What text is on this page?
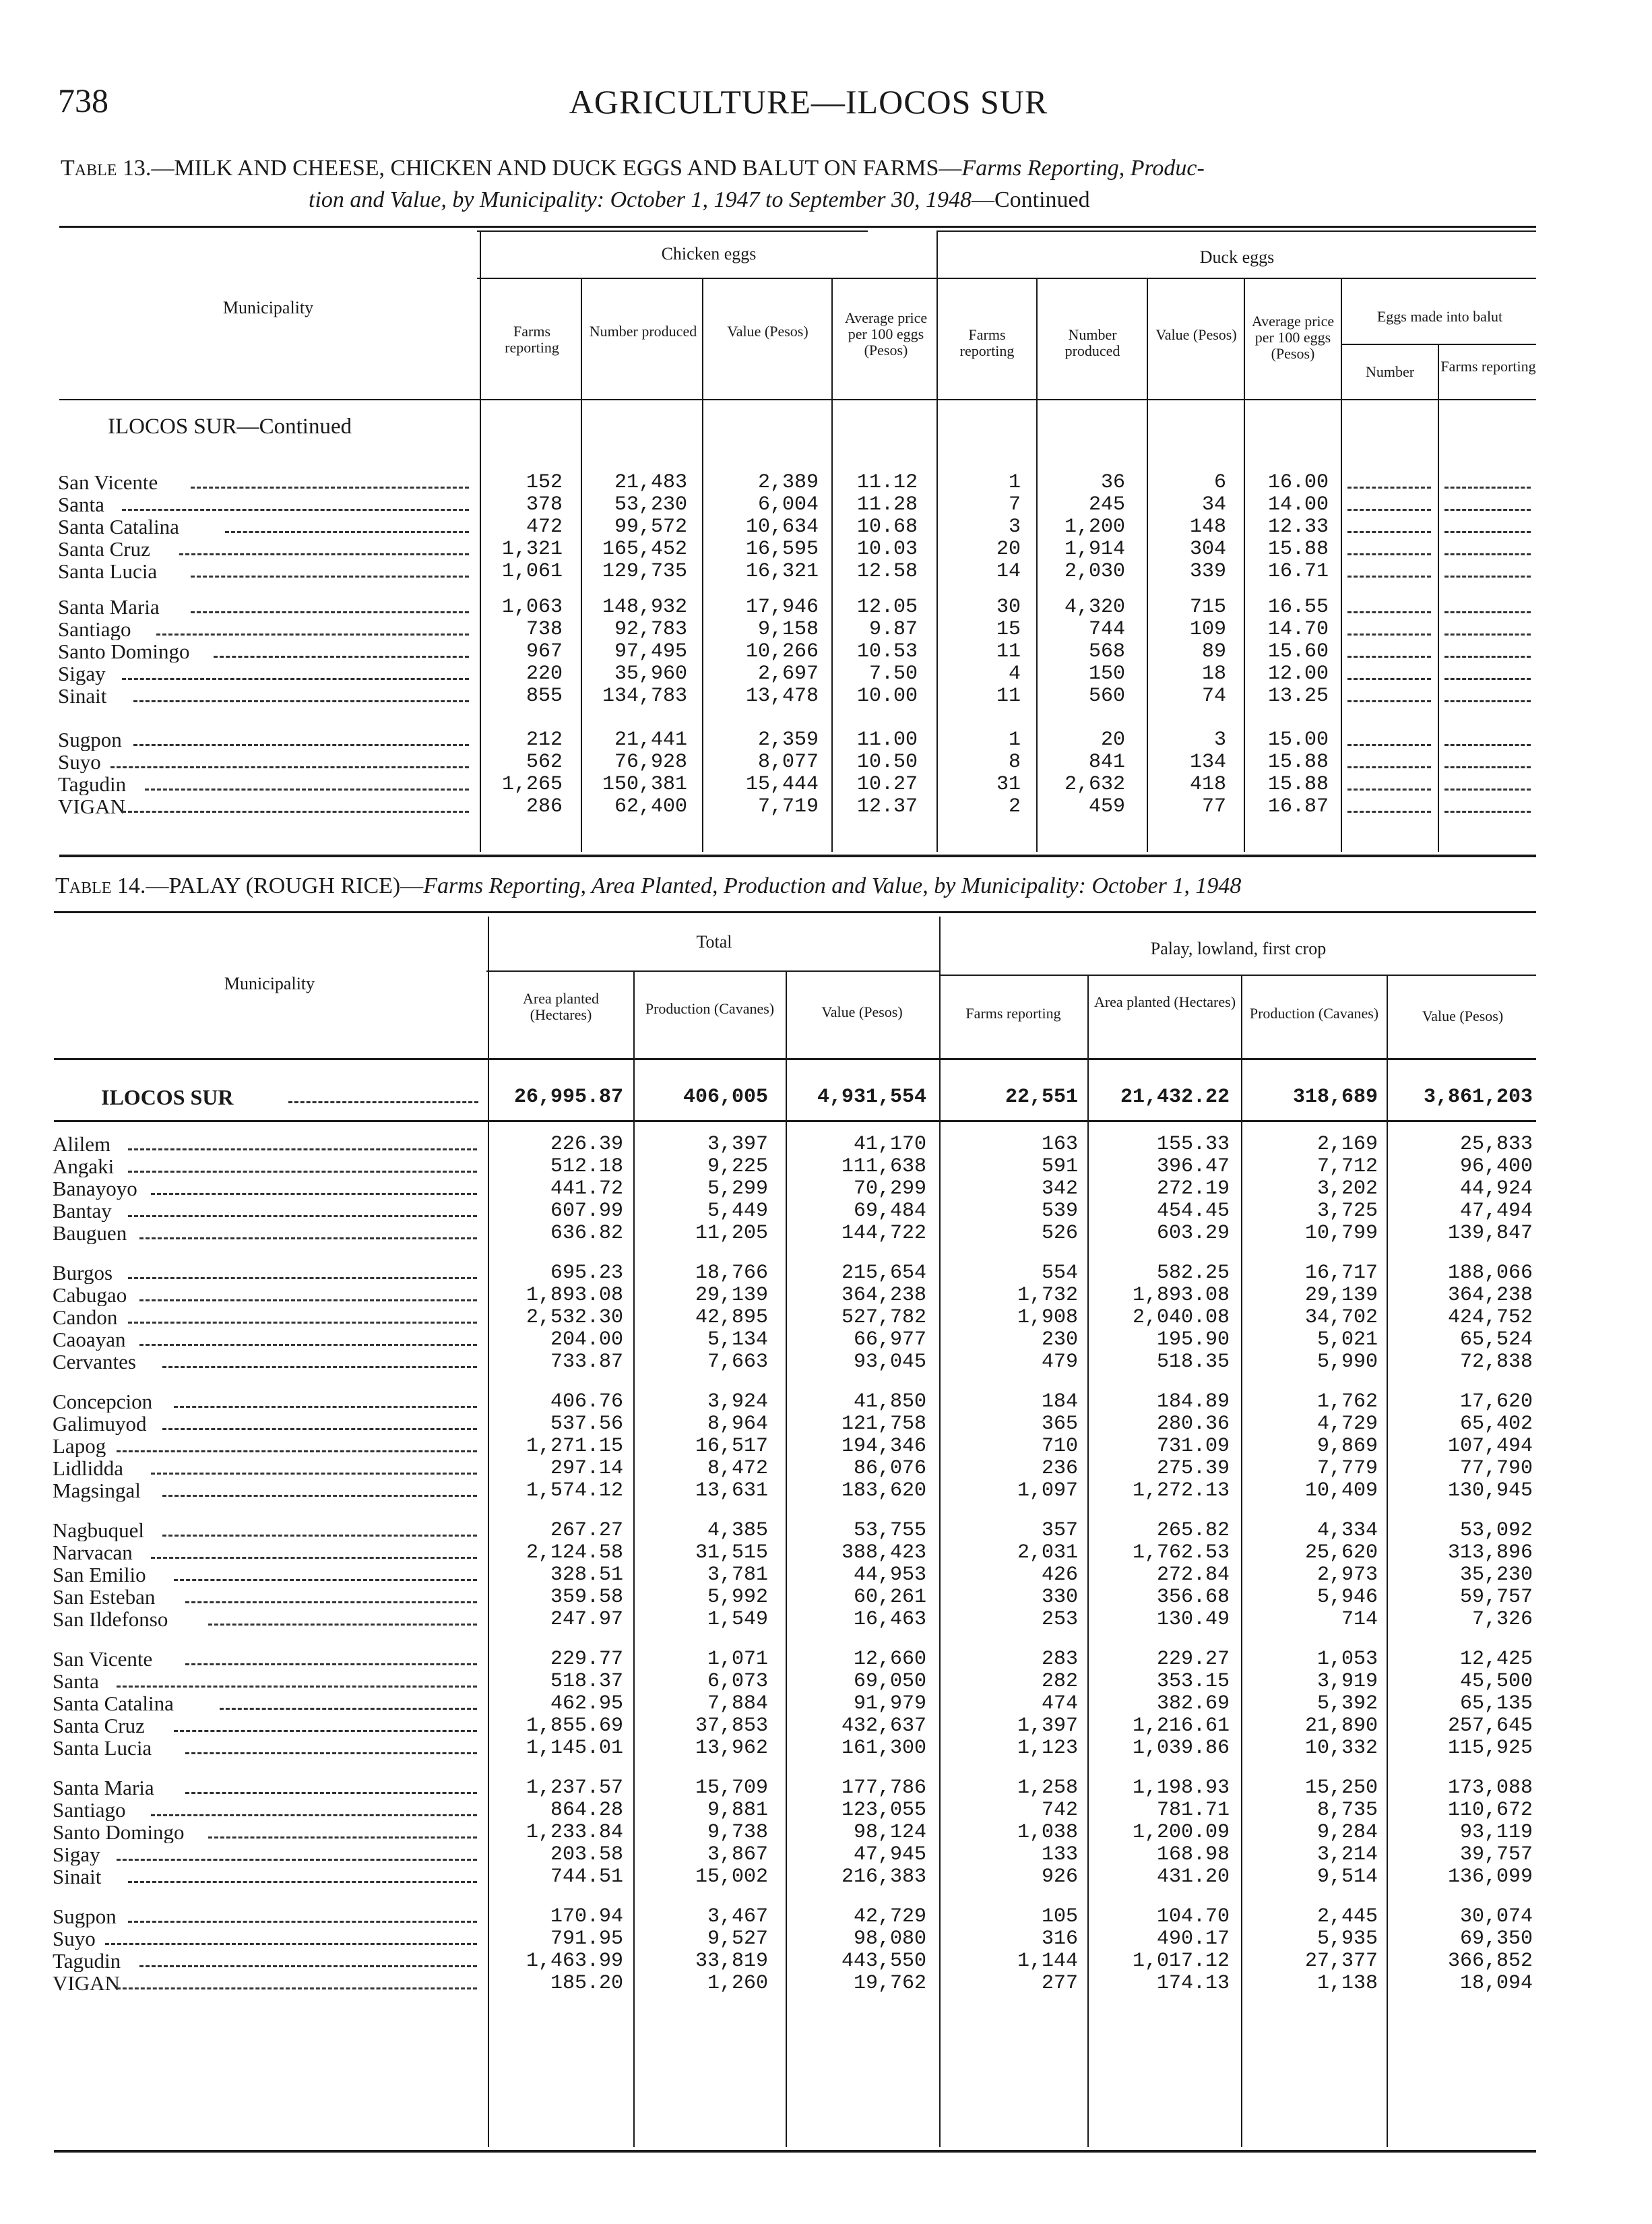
738	AGRICULTURE—ILOCOS SUR
Table 13.—MILK AND CHEESE, CHICKEN AND DUCK EGGS AND BALUT ON FARMS—Farms Reporting, Produc-
tion and Value, by Municipality: October 1, 1947 to September 30, 1948—Continued
Municipality
Chicken eggs	Duck eggs
Farms reporting
Number produced	Value (Pesos)
Average price per 100 eggs (Pesos)
Farms reporting
Number produced
Value (Pesos)
Average price per 100 eggs (Pesos)
Eggs made into balut
Number	Farms reporting
ILOCOS SUR—Continued
San Vicente	152	21,483	2,389	11.12	1	36	6	16.00
Santa	378	53,230	6,004	11.28	7	245	34	14.00
Santa Catalina	472	99,572	10,634	10.68	3	1,200	148	12.33
Santa Cruz	1,321	165,452	16,595	10.03	20	1,914	304	15.88
Santa Lucia	1,061	129,735	16,321	12.58	14	2,030	339	16.71
Santa Maria	1,063	148,932	17,946	12.05	30	4,320	715	16.55
Santiago	738	92,783	9,158	9.87	15	744	109	14.70
Santo Domingo	967	97,495	10,266	10.53	11	568	89	15.60
Sigay	220	35,960	2,697	7.50	4	150	18	12.00
Sinait	855	134,783	13,478	10.00	11	560	74	13.25
Sugpon	212	21,441	2,359	11.00	1	20	3	15.00
Suyo	562	76,928	8,077	10.50	8	841	134	15.88
Tagudin	1,265	150,381	15,444	10.27	31	2,632	418	15.88
VIGAN	286	62,400	7,719	12.37	2	459	77	16.87
Table 14.—PALAY (ROUGH RICE)—Farms Reporting, Area Planted, Production and Value, by Municipality: October 1, 1948
Municipality
Total	Palay, lowland, first crop
Area planted (Hectares)	Production (Cavanes)	Value (Pesos)	Farms reporting
Area planted (Hectares)
Production (Cavanes)	Value (Pesos)
ILOCOS SUR	26,995.87	406,005	4,931,554	22,551	21,432.22	318,689	3,861,203
Alilem	226.39	3,397	41,170	163	155.33	2,169	25,833
Angaki	512.18	9,225	111,638	591	396.47	7,712	96,400
Banayoyo	441.72	5,299	70,299	342	272.19	3,202	44,924
Bantay	607.99	5,449	69,484	539	454.45	3,725	47,494
Bauguen	636.82	11,205	144,722	526	603.29	10,799	139,847
Burgos	695.23	18,766	215,654	554	582.25	16,717	188,066
Cabugao	1,893.08	29,139	364,238	1,732	1,893.08	29,139	364,238
Candon	2,532.30	42,895	527,782	1,908	2,040.08	34,702	424,752
Caoayan	204.00	5,134	66,977	230	195.90	5,021	65,524
Cervantes	733.87	7,663	93,045	479	518.35	5,990	72,838
Concepcion	406.76	3,924	41,850	184	184.89	1,762	17,620
Galimuyod	537.56	8,964	121,758	365	280.36	4,729	65,402
Lapog	1,271.15	16,517	194,346	710	731.09	9,869	107,494
Lidlidda	297.14	8,472	86,076	236	275.39	7,779	77,790
Magsingal	1,574.12	13,631	183,620	1,097	1,272.13	10,409	130,945
Nagbuquel	267.27	4,385	53,755	357	265.82	4,334	53,092
Narvacan	2,124.58	31,515	388,423	2,031	1,762.53	25,620	313,896
San Emilio	328.51	3,781	44,953	426	272.84	2,973	35,230
San Esteban	359.58	5,992	60,261	330	356.68	5,946	59,757
San Ildefonso	247.97	1,549	16,463	253	130.49	714	7,326
San Vicente	229.77	1,071	12,660	283	229.27	1,053	12,425
Santa	518.37	6,073	69,050	282	353.15	3,919	45,500
Santa Catalina	462.95	7,884	91,979	474	382.69	5,392	65,135
Santa Cruz	1,855.69	37,853	432,637	1,397	1,216.61	21,890	257,645
Santa Lucia	1,145.01	13,962	161,300	1,123	1,039.86	10,332	115,925
Santa Maria	1,237.57	15,709	177,786	1,258	1,198.93	15,250	173,088
Santiago	864.28	9,881	123,055	742	781.71	8,735	110,672
Santo Domingo	1,233.84	9,738	98,124	1,038	1,200.09	9,284	93,119
Sigay	203.58	3,867	47,945	133	168.98	3,214	39,757
Sinait	744.51	15,002	216,383	926	431.20	9,514	136,099
Sugpon	170.94	3,467	42,729	105	104.70	2,445	30,074
Suyo	791.95	9,527	98,080	316	490.17	5,935	69,350
Tagudin	1,463.99	33,819	443,550	1,144	1,017.12	27,377	366,852
VIGAN	185.20	1,260	19,762	277	174.13	1,138	18,094
